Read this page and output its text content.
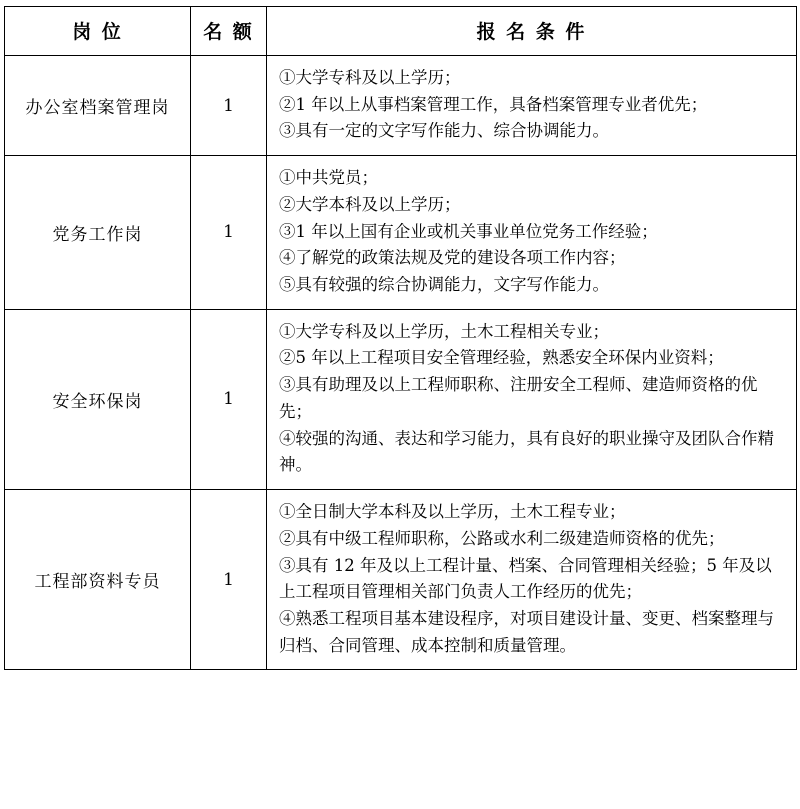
岗 位	名 额	报 名 条 件
办公室档案管理岗	1	①大学专科及以上学历；
②1 年以上从事档案管理工作，具备档案管理专业者优先；
③具有一定的文字写作能力、综合协调能力。

党务工作岗	1	①中共党员；
②大学本科及以上学历；
③1 年以上国有企业或机关事业单位党务工作经验；
④了解党的政策法规及党的建设各项工作内容；
⑤具有较强的综合协调能力，文字写作能力。

安全环保岗	1	①大学专科及以上学历，土木工程相关专业；
②5 年以上工程项目安全管理经验，熟悉安全环保内业资料；
③具有助理及以上工程师职称、注册安全工程师、建造师资格的优先；
④较强的沟通、表达和学习能力，具有良好的职业操守及团队合作精神。

工程部资料专员	1	①全日制大学本科及以上学历，土木工程专业；
②具有中级工程师职称，公路或水利二级建造师资格的优先；
③具有 12 年及以上工程计量、档案、合同管理相关经验；5 年及以上工程项目管理相关部门负责人工作经历的优先；
④熟悉工程项目基本建设程序，对项目建设计量、变更、档案整理与归档、合同管理、成本控制和质量管理。
